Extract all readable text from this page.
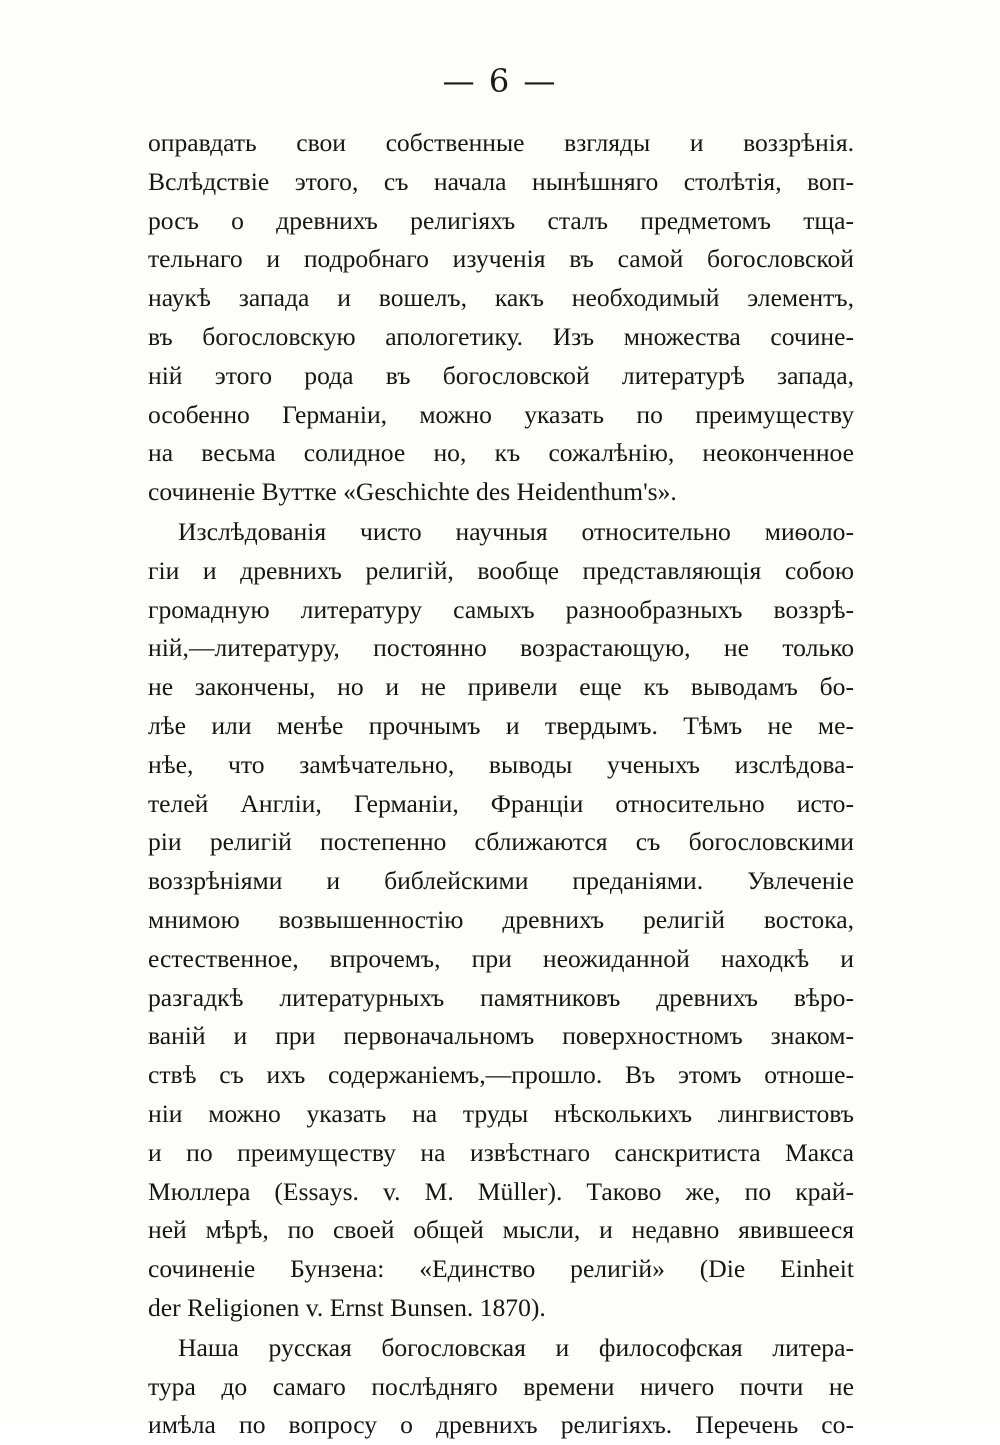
— 6 —
оправдать свои собственные взгляды и воззрѣнія.
Вслѣдствіе этого, съ начала нынѣшняго столѣтія, воп-
росъ о древнихъ религіяхъ сталъ предметомъ тща-
тельнаго и подробнаго изученія въ самой богословской
наукѣ запада и вошелъ, какъ необходимый элементъ,
въ богословскую апологетику. Изъ множества сочине-
ній этого рода въ богословской литературѣ запада,
особенно Германіи, можно указать по преимуществу
на весьма солидное но, къ сожалѣнію, неоконченное
сочиненіе Вуттке «Geschichte des Heidenthum's».
Изслѣдованія чисто научныя относительно миѳоло-
гіи и древнихъ религій, вообще представляющія собою
громадную литературу самыхъ разнообразныхъ воззрѣ-
ній,—литературу, постоянно возрастающую, не только
не закончены, но и не привели еще къ выводамъ бо-
лѣе или менѣе прочнымъ и твердымъ. Тѣмъ не ме-
нѣе, что замѣчательно, выводы ученыхъ изслѣдова-
телей Англіи, Германіи, Франціи относительно исто-
ріи религій постепенно сближаются съ богословскими
воззрѣніями и библейскими преданіями. Увлеченіе
мнимою возвышенностію древнихъ религій востока,
естественное, впрочемъ, при неожиданной находкѣ и
разгадкѣ литературныхъ памятниковъ древнихъ вѣро-
ваній и при первоначальномъ поверхностномъ знаком-
ствѣ съ ихъ содержаніемъ,—прошло. Въ этомъ отноше-
ніи можно указать на труды нѣсколькихъ лингвистовъ
и по преимуществу на извѣстнаго санскритиста Макса
Мюллера (Essays. v. M. Müller). Таково же, по край-
ней мѣрѣ, по своей общей мысли, и недавно явившееся
сочиненіе Бунзена: «Единство религій» (Die Einheit
der Religionen v. Ernst Bunsen. 1870).
Наша русская богословская и философская литера-
тура до самаго послѣдняго времени ничего почти не
имѣла по вопросу о древнихъ религіяхъ. Перечень со-
